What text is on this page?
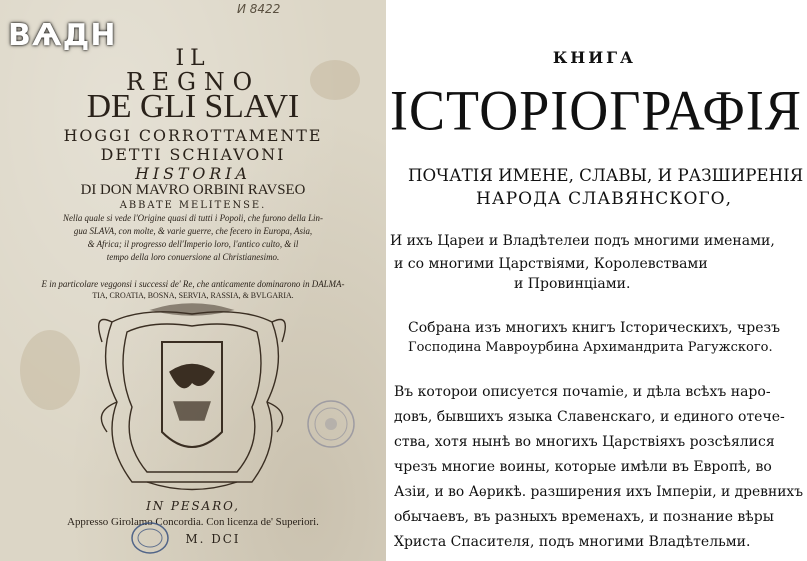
ВѦДН
И 8422
IL
REGNO
DE GLI SLAVI
HOGGI CORROTTAMENTE
DETTI SCHIAVONI
HISTORIA
DI DON MAVRO ORBINI RAVSEO
ABBATE MELITENSE.
Nella quale si vede l'Origine quasi di tutti i Popoli, che furono della Lin-
gua SLAVA, con molte, & varie guerre, che fecero in Europa, Asia,
& Africa; il progresso dell'Imperio loro, l'antico culto, & il
tempo della loro conuersione al Christianesimo.
E in particolare veggonsi i successi de' Re, che anticamente dominarono in DALMA-
TIA, CROATIA, BOSNA, SERVIA, RASSIA, & BVLGARIA.
IN PESARO,
Appresso Girolamo Concordia. Con licenza de' Superiori.
M. DCI
КНИГА
ІСТОРІОГРАФІЯ
ПОЧАТІЯ ИМЕНЕ, СЛАВЫ, И РАЗШИРЕНІЯ
НАРОДА СЛАВЯНСКОГО,
И ихъ Цареи и Владѣтелеи подъ многими именами,
и со многими Царствіями, Королевствами
и Провинціами.
Собрана изъ многихъ книгъ Історическихъ, чрезъ
Господина Мавроурбина Архимандрита Рагужского.
Въ которои описуется почаmie, и дѣла всѣхъ наро-
довъ, бывшихъ языка Славенскаго, и единого отече-
ства, хотя нынѣ во многихъ Царствіяхъ розсѣялися
чрезъ многие воины, которые имѣли въ Европѣ, во
Азіи, и во Аѳрикѣ. разширения ихъ Імперіи, и древнихъ
обычаевъ, въ разныхъ временахъ, и познание вѣры
Христа Спасителя, подъ многими Владѣтельми.
